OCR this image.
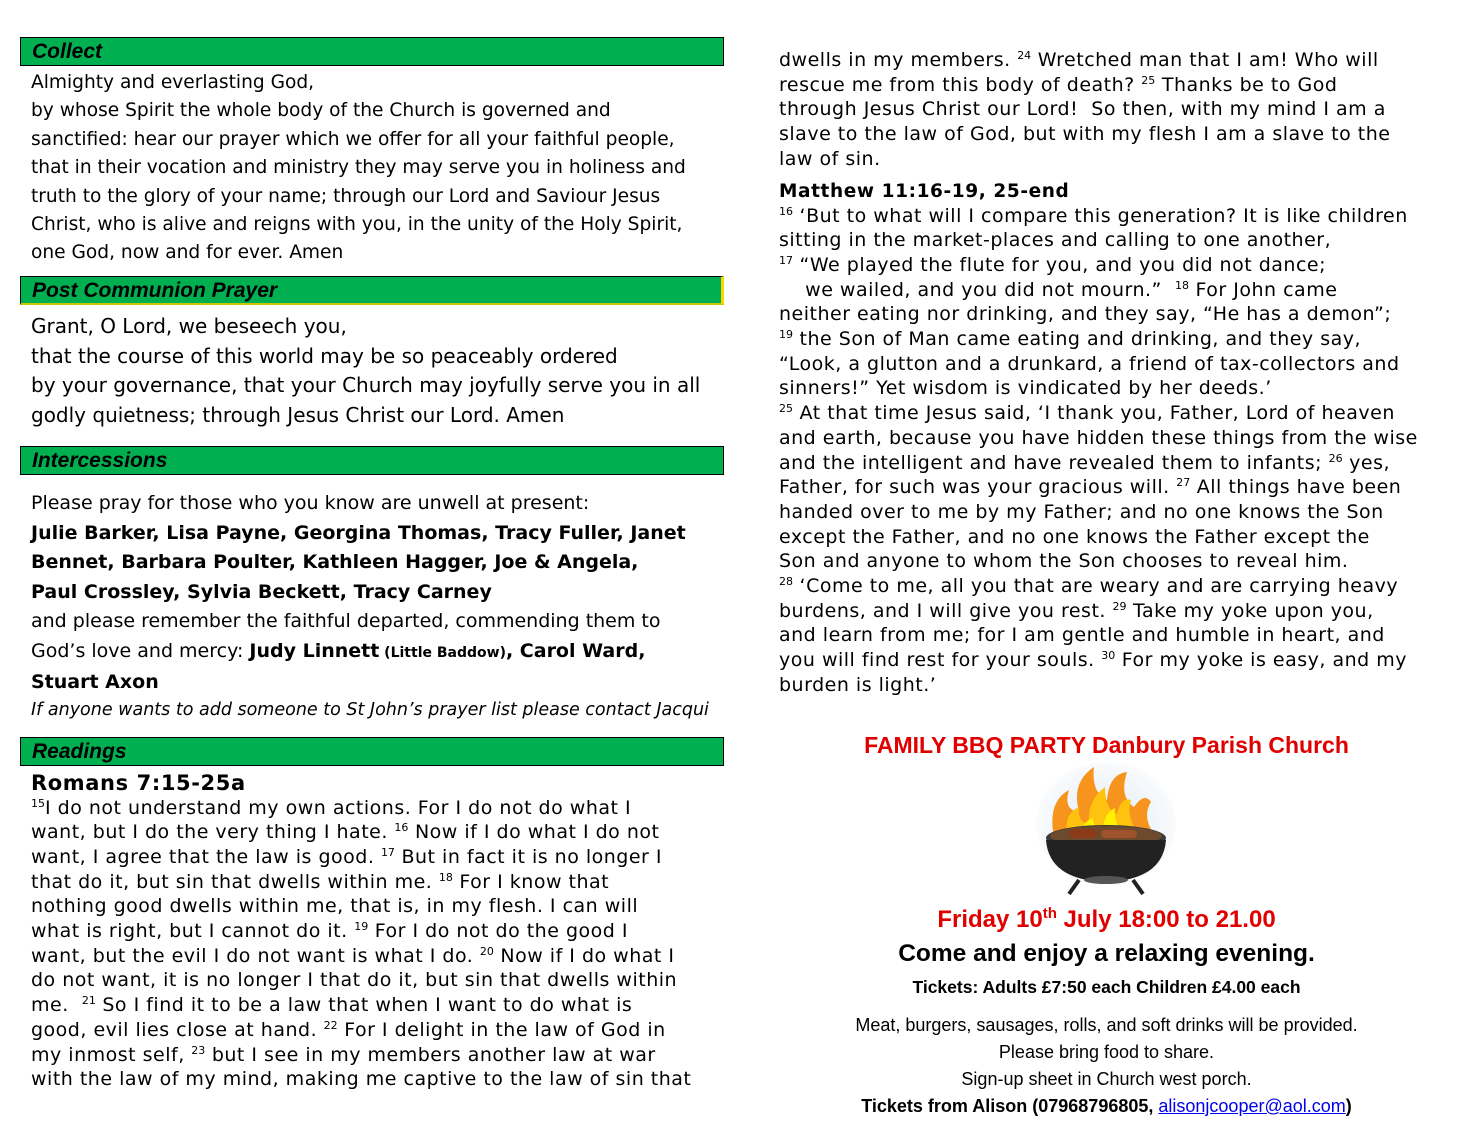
Collect
Almighty and everlasting God,
by whose Spirit the whole body of the Church is governed and
sanctified: hear our prayer which we offer for all your faithful people,
that in their vocation and ministry they may serve you in holiness and
truth to the glory of your name; through our Lord and Saviour Jesus
Christ, who is alive and reigns with you, in the unity of the Holy Spirit,
one God, now and for ever. Amen
Post Communion Prayer
Grant, O Lord, we beseech you,
that the course of this world may be so peaceably ordered
by your governance, that your Church may joyfully serve you in all
godly quietness; through Jesus Christ our Lord. Amen
Intercessions
Please pray for those who you know are unwell at present:
Julie Barker, Lisa Payne, Georgina Thomas, Tracy Fuller, Janet
Bennet, Barbara Poulter, Kathleen Hagger, Joe & Angela,
Paul Crossley, Sylvia Beckett, Tracy Carney
and please remember the faithful departed, commending them to
God’s love and mercy: Judy Linnett (Little Baddow), Carol Ward,
Stuart Axon
If anyone wants to add someone to St John’s prayer list please contact Jacqui
Readings
Romans 7:15-25a
$^{15}$I do not understand my own actions. For I do not do what I
want, but I do the very thing I hate. $^{16}$ Now if I do what I do not
want, I agree that the law is good. $^{17}$ But in fact it is no longer I
that do it, but sin that dwells within me. $^{18}$ For I know that
nothing good dwells within me, that is, in my flesh. I can will
what is right, but I cannot do it. $^{19}$ For I do not do the good I
want, but the evil I do not want is what I do. $^{20}$ Now if I do what I
do not want, it is no longer I that do it, but sin that dwells within
me.  $^{21}$ So I find it to be a law that when I want to do what is
good, evil lies close at hand. $^{22}$ For I delight in the law of God in
my inmost self, $^{23}$ but I see in my members another law at war
with the law of my mind, making me captive to the law of sin that
dwells in my members. $^{24}$ Wretched man that I am! Who will
rescue me from this body of death? $^{25}$ Thanks be to God
through Jesus Christ our Lord!  So then, with my mind I am a
slave to the law of God, but with my flesh I am a slave to the
law of sin.
Matthew 11:16-19, 25-end
$^{16}$ ‘But to what will I compare this generation? It is like children
sitting in the market-places and calling to one another,
$^{17}$ “We played the flute for you, and you did not dance;
we wailed, and you did not mourn.”  $^{18}$ For John came
neither eating nor drinking, and they say, “He has a demon”;
$^{19}$ the Son of Man came eating and drinking, and they say,
“Look, a glutton and a drunkard, a friend of tax-collectors and
sinners!” Yet wisdom is vindicated by her deeds.’
$^{25}$ At that time Jesus said, ‘I thank you, Father, Lord of heaven
and earth, because you have hidden these things from the wise
and the intelligent and have revealed them to infants; $^{26}$ yes,
Father, for such was your gracious will. $^{27}$ All things have been
handed over to me by my Father; and no one knows the Son
except the Father, and no one knows the Father except the
Son and anyone to whom the Son chooses to reveal him.
$^{28}$ ‘Come to me, all you that are weary and are carrying heavy
burdens, and I will give you rest. $^{29}$ Take my yoke upon you,
and learn from me; for I am gentle and humble in heart, and
you will find rest for your souls. $^{30}$ For my yoke is easy, and my
burden is light.’
FAMILY BBQ PARTY Danbury Parish Church
Friday 10th July 18:00 to 21.00
Come and enjoy a relaxing evening.
Tickets: Adults £7:50 each Children £4.00 each
Meat, burgers, sausages, rolls, and soft drinks will be provided.
Please bring food to share.
Sign-up sheet in Church west porch.
Tickets from Alison (07968796805, alisonjcooper@aol.com)
